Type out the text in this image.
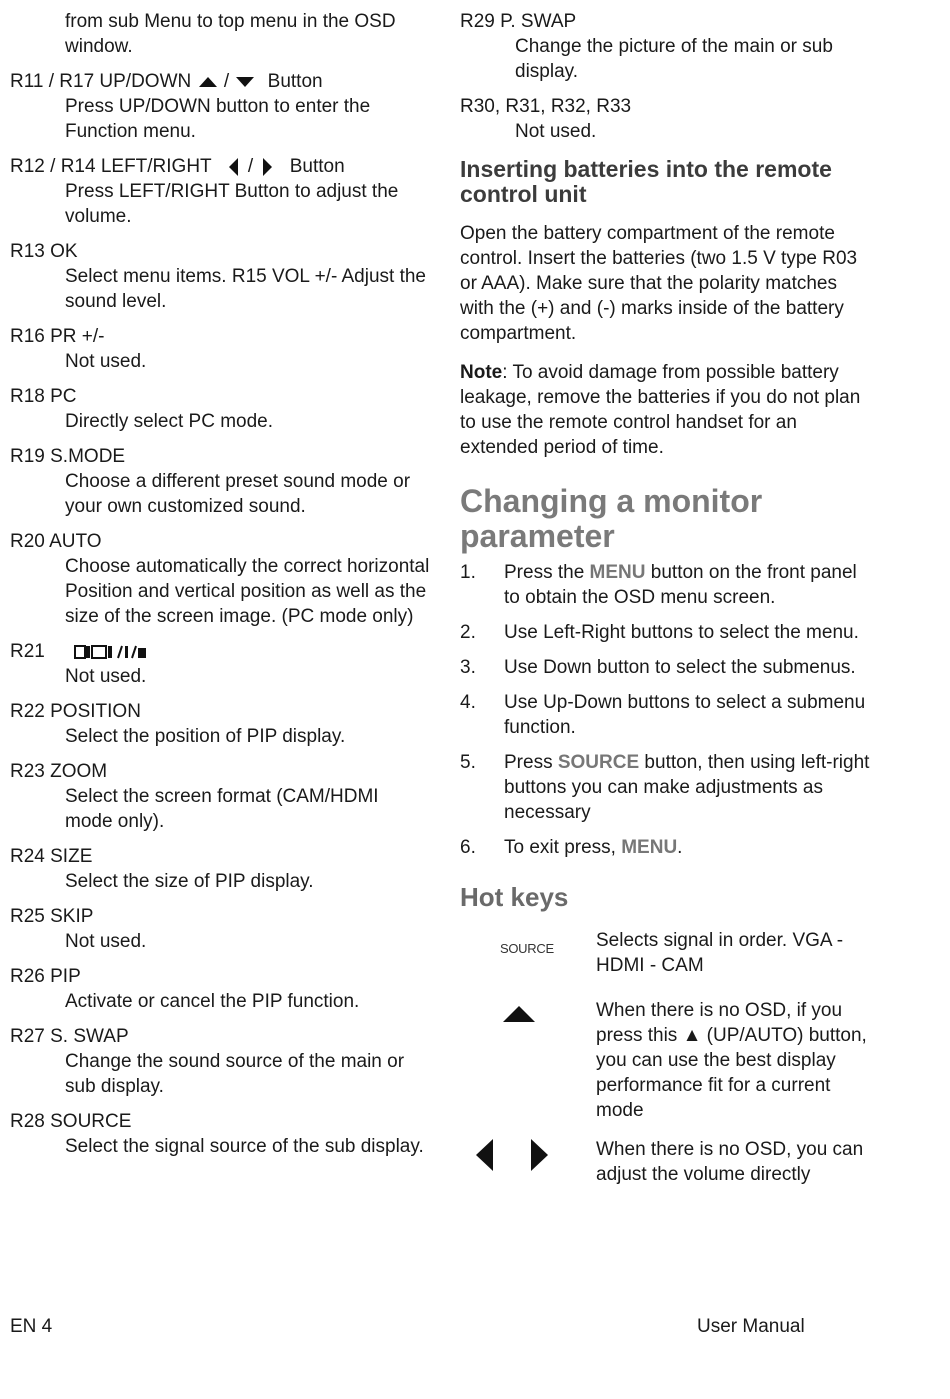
from sub Menu to top menu in the OSD window.
R11 / R17 UP/DOWN / Button
Press UP/DOWN button to enter the Function menu.
R12 / R14 LEFT/RIGHT / Button
Press LEFT/RIGHT Button to adjust the volume.
R13 OK
Select menu items. R15 VOL +/- Adjust the sound level.
R16 PR +/-
Not used.
R18 PC
Directly select PC mode.
R19 S.MODE
Choose a different preset sound mode or your own customized sound.
R20 AUTO
Choose automatically the correct horizontal Position and vertical position as well as the size of the screen image. (PC mode only)
R21
Not used.
R22 POSITION
Select the position of PIP display.
R23 ZOOM
Select the screen format (CAM/HDMI mode only).
R24 SIZE
Select the size of PIP display.
R25 SKIP
Not used.
R26 PIP
Activate or cancel the PIP function.
R27 S. SWAP
Change the sound source of the main or sub display.
R28 SOURCE
Select the signal source of the sub display.
R29 P. SWAP
Change the picture of the main or sub display.
R30, R31, R32, R33
Not used.
Inserting batteries into the remote control unit
Open the battery compartment of the remote control. Insert the batteries (two 1.5 V type R03 or AAA). Make sure that the polarity matches with the (+) and (-) marks inside of the battery compartment.
Note: To avoid damage from possible battery leakage, remove the batteries if you do not plan to use the remote control handset for an extended period of time.
Changing a monitor parameter
1. Press the MENU button on the front panel to obtain the OSD menu screen.
2. Use Left-Right buttons to select the menu.
3. Use Down button to select the submenus.
4. Use Up-Down buttons to select a submenu function.
5. Press SOURCE button, then using left-right buttons you can make adjustments as necessary
6. To exit press, MENU.
Hot keys
SOURCE Selects signal in order. VGA - HDMI - CAM
When there is no OSD, if you press this ▲ (UP/AUTO) button, you can use the best display performance fit for a current mode
When there is no OSD, you can adjust the volume directly
EN 4	User Manual
